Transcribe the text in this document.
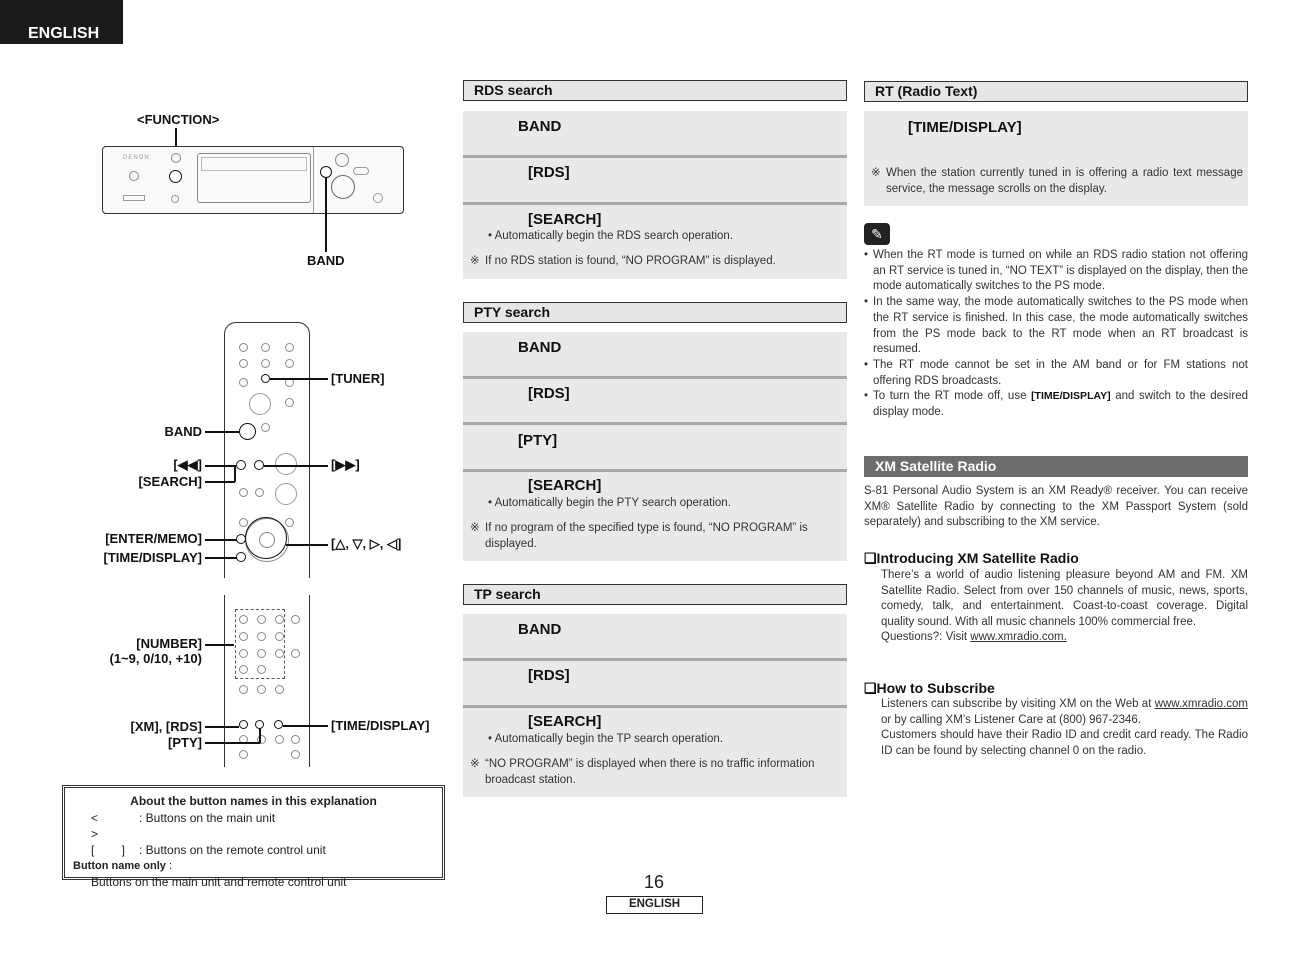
ENGLISH
<FUNCTION>
DENON
BAND
[TUNER]
BAND
[◀◀]
[SEARCH]
[▶▶]
[ENTER/MEMO]
[TIME/DISPLAY]
[△, ▽, ▷, ◁]
[NUMBER]
(1~9, 0/10, +10)
[XM], [RDS]
[PTY]
[TIME/DISPLAY]
About the button names in this explanation
< >
: Buttons on the main unit
[ ] : Buttons on the remote control unit
Button name only :
Buttons on the main unit and remote control unit
RDS search
BAND
[RDS]
[SEARCH]
• Automatically begin the RDS search operation.
※ If no RDS station is found, “NO PROGRAM” is displayed.
PTY search
BAND
[RDS]
[PTY]
[SEARCH]
• Automatically begin the PTY search operation.
※ If no program of the specified type is found, “NO PROGRAM” is displayed.
TP search
BAND
[RDS]
[SEARCH]
• Automatically begin the TP search operation.
※ “NO PROGRAM” is displayed when there is no traffic information broadcast station.
RT (Radio Text)
[TIME/DISPLAY]
※ When the station currently tuned in is offering a radio text message service, the message scrolls on the display.
✎
• When the RT mode is turned on while an RDS radio station not offering an RT service is tuned in, “NO TEXT” is displayed on the display, then the mode automatically switches to the PS mode.
• In the same way, the mode automatically switches to the PS mode when the RT service is finished. In this case, the mode automatically switches from the PS mode back to the RT mode when an RT broadcast is resumed.
• The RT mode cannot be set in the AM band or for FM stations not offering RDS broadcasts.
• To turn the RT mode off, use [TIME/DISPLAY] and switch to the desired display mode.
XM Satellite Radio
S-81 Personal Audio System is an XM Ready® receiver. You can receive XM® Satellite Radio by connecting to the XM Passport System (sold separately) and subscribing to the XM service.
❑Introducing XM Satellite Radio
There’s a world of audio listening pleasure beyond AM and FM. XM Satellite Radio. Select from over 150 channels of music, news, sports, comedy, talk, and entertainment. Coast-to-coast coverage. Digital quality sound. With all music channels 100% commercial free.
Questions?: Visit www.xmradio.com.
❑How to Subscribe
Listeners can subscribe by visiting XM on the Web at www.xmradio.com or by calling XM’s Listener Care at (800) 967-2346.
Customers should have their Radio ID and credit card ready. The Radio ID can be found by selecting channel 0 on the radio.
16
ENGLISH
